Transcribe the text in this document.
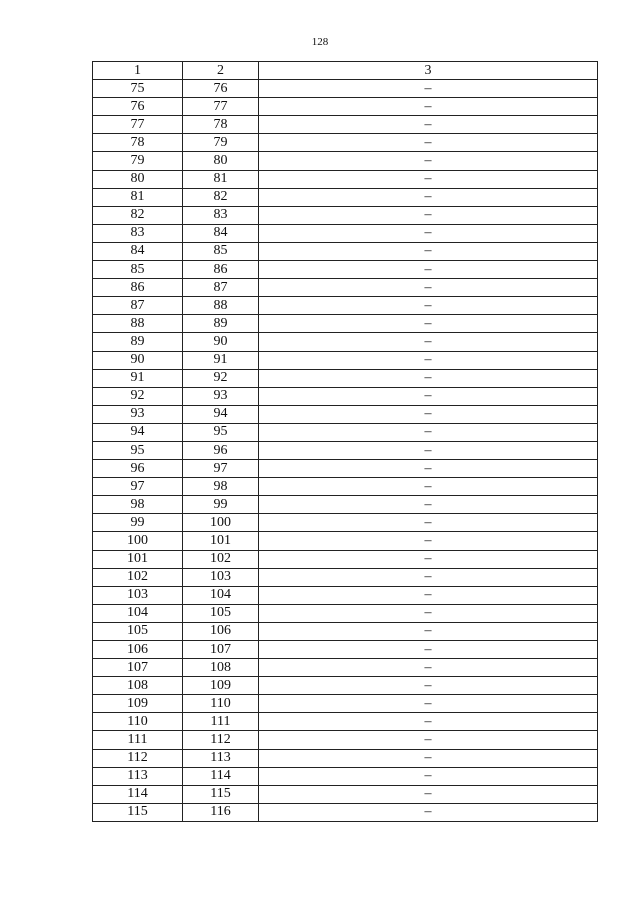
128
1	2	3
75	76	–
76	77	–
77	78	–
78	79	–
79	80	–
80	81	–
81	82	–
82	83	–
83	84	–
84	85	–
85	86	–
86	87	–
87	88	–
88	89	–
89	90	–
90	91	–
91	92	–
92	93	–
93	94	–
94	95	–
95	96	–
96	97	–
97	98	–
98	99	–
99	100	–
100	101	–
101	102	–
102	103	–
103	104	–
104	105	–
105	106	–
106	107	–
107	108	–
108	109	–
109	110	–
110	111	–
111	112	–
112	113	–
113	114	–
114	115	–
115	116	–
